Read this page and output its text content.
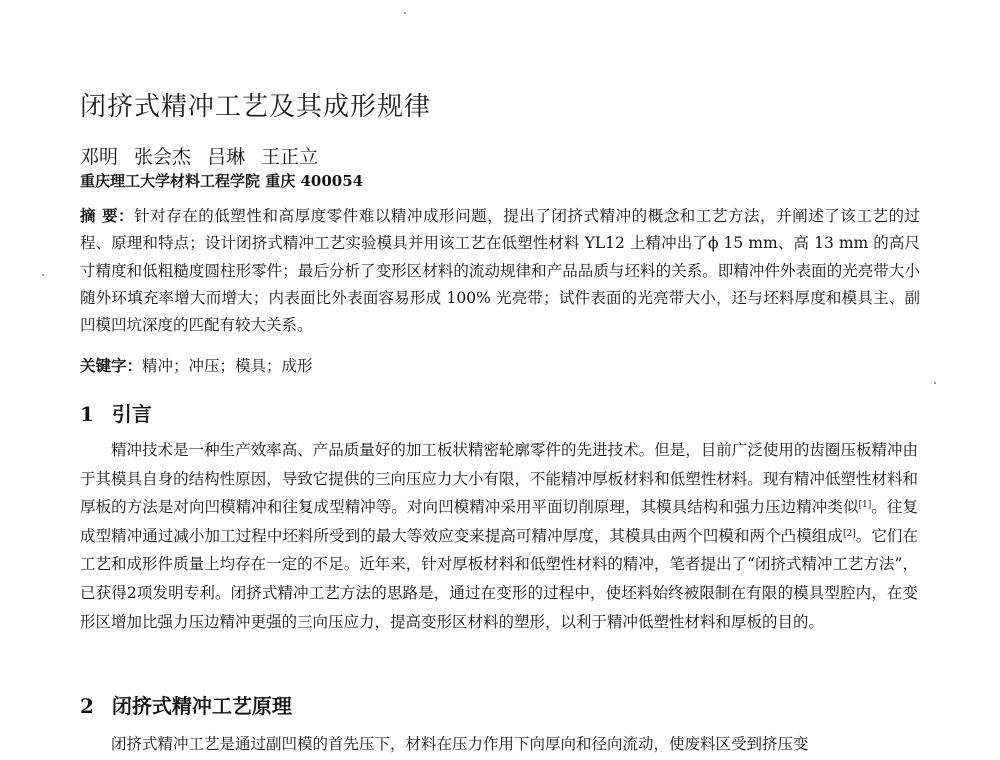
闭挤式精冲工艺及其成形规律
邓明 张会杰 吕琳 王正立
重庆理工大学材料工程学院 重庆 400054
摘 要：针对存在的低塑性和高厚度零件难以精冲成形问题，提出了闭挤式精冲的概念和工艺方法，并阐述了该工艺的过程、原理和特点；设计闭挤式精冲工艺实验模具并用该工艺在低塑性材料 YL12 上精冲出了ϕ 15 mm、高 13 mm 的高尺寸精度和低粗糙度圆柱形零件；最后分析了变形区材料的流动规律和产品品质与坯料的关系。即精冲件外表面的光亮带大小随外环填充率增大而增大；内表面比外表面容易形成 100% 光亮带；试件表面的光亮带大小，还与坯料厚度和模具主、副凹模凹坑深度的匹配有较大关系。
关键字：精冲；冲压；模具；成形
1 引言
精冲技术是一种生产效率高、产品质量好的加工板状精密轮廓零件的先进技术。但是，目前广泛使用的齿圈压板精冲由于其模具自身的结构性原因，导致它提供的三向压应力大小有限，不能精冲厚板材料和低塑性材料。现有精冲低塑性材料和厚板的方法是对向凹模精冲和往复成型精冲等。对向凹模精冲采用平面切削原理，其模具结构和强力压边精冲类似[1]。往复成型精冲通过减小加工过程中坯料所受到的最大等效应变来提高可精冲厚度，其模具由两个凹模和两个凸模组成[2]。它们在工艺和成形件质量上均存在一定的不足。近年来，针对厚板材料和低塑性材料的精冲，笔者提出了“闭挤式精冲工艺方法”，已获得2项发明专利。闭挤式精冲工艺方法的思路是，通过在变形的过程中，使坯料始终被限制在有限的模具型腔内，在变形区增加比强力压边精冲更强的三向压应力，提高变形区材料的塑形，以利于精冲低塑性材料和厚板的目的。
2 闭挤式精冲工艺原理
闭挤式精冲工艺是通过副凹模的首先压下，材料在压力作用下向厚向和径向流动，使废料区受到挤压变
